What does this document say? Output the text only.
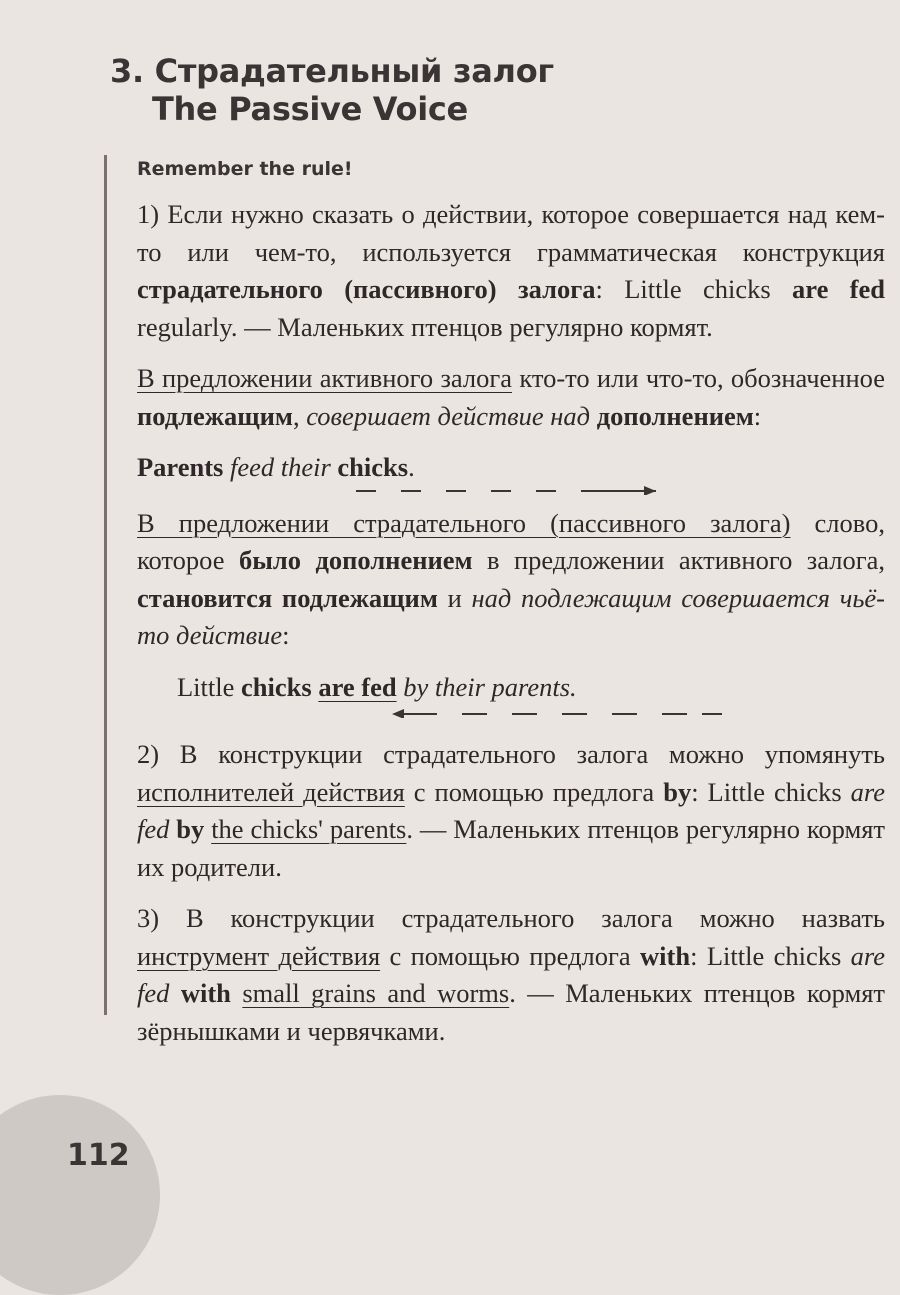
3. Страдательный залог
The Passive Voice
Remember the rule!

1) Если нужно сказать о действии, которое совершается над кем-то или чем-то, используется грамматическая конструкция страдательного (пассивного) залога: Little chicks are fed regularly. — Маленьких птенцов регулярно кормят.

В предложении активного залога кто-то или что-то, обозначенное подлежащим, совершает действие над дополнением:

Parents feed their chicks.

В предложении страдательного (пассивного залога) слово, которое было дополнением в предложении активного залога, становится подлежащим и над подлежащим совершается чьё-то действие:

Little chicks are fed by their parents.

2) В конструкции страдательного залога можно упомянуть исполнителей действия с помощью предлога by: Little chicks are fed by the chicks' parents. — Маленьких птенцов регулярно кормят их родители.

3) В конструкции страдательного залога можно назвать инструмент действия с помощью предлога with: Little chicks are fed with small grains and worms. — Маленьких птенцов кормят зёрнышками и червячками.

112
